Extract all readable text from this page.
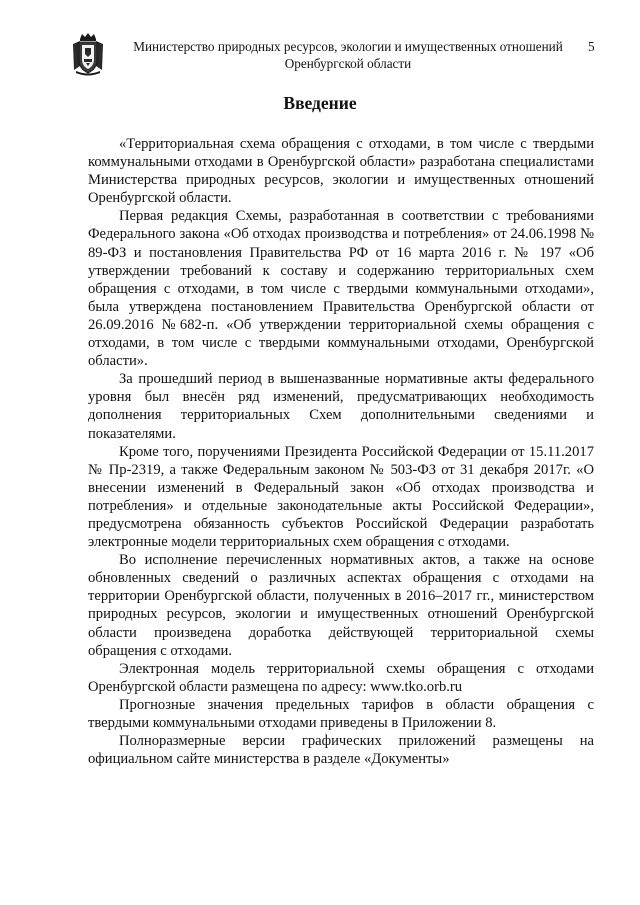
Министерство природных ресурсов, экологии и имущественных отношений
Оренбургской области
5
Введение

«Территориальная схема обращения с отходами, в том числе с твердыми коммунальными отходами в Оренбургской области» разработана специалистами Министерства природных ресурсов, экологии и имущественных отношений Оренбургской области.

Первая редакция Схемы, разработанная в соответствии с требованиями Федерального закона «Об отходах производства и потребления» от 24.06.1998 № 89-ФЗ и постановления Правительства РФ от 16 марта 2016 г. № 197 «Об утверждении требований к составу и содержанию территориальных схем обращения с отходами, в том числе с твердыми коммунальными отходами», была утверждена постановлением Правительства Оренбургской области от 26.09.2016 №682-п. «Об утверждении территориальной схемы обращения с отходами, в том числе с твердыми коммунальными отходами, Оренбургской области».

За прошедший период в вышеназванные нормативные акты федерального уровня был внесён ряд изменений, предусматривающих необходимость дополнения территориальных Схем дополнительными сведениями и показателями.

Кроме того, поручениями Президента Российской Федерации от 15.11.2017 № Пр-2319, а также Федеральным законом № 503-ФЗ от 31 декабря 2017г. «О внесении изменений в Федеральный закон «Об отходах производства и потребления» и отдельные законодательные акты Российской Федерации», предусмотрена обязанность субъектов Российской Федерации разработать электронные модели территориальных схем обращения с отходами.

Во исполнение перечисленных нормативных актов, а также на основе обновленных сведений о различных аспектах обращения с отходами на территории Оренбургской области, полученных в 2016–2017 гг., министерством природных ресурсов, экологии и имущественных отношений Оренбургской области произведена доработка действующей территориальной схемы обращения с отходами.

Электронная модель территориальной схемы обращения с отходами Оренбургской области размещена по адресу: www.tko.orb.ru

Прогнозные значения предельных тарифов в области обращения с твердыми коммунальными отходами приведены в Приложении 8.

Полноразмерные версии графических приложений размещены на официальном сайте министерства в разделе «Документы»
